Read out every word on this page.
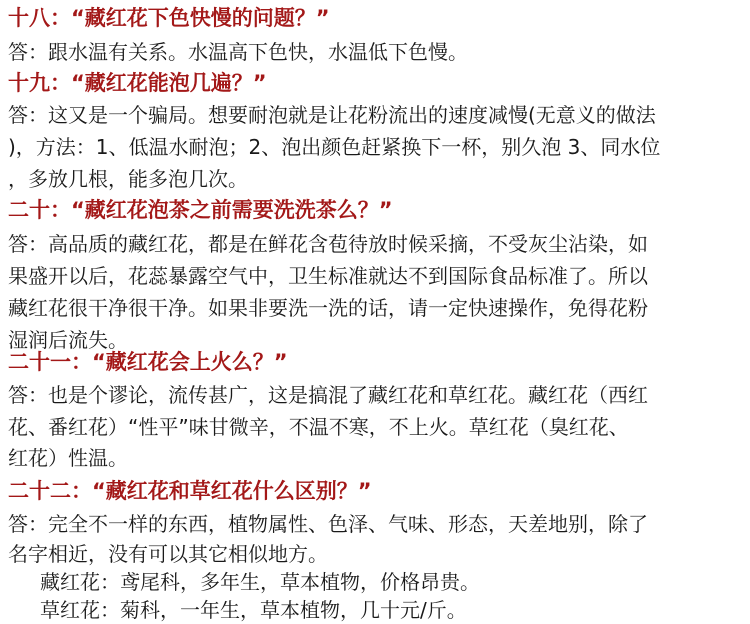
十八：“藏红花下色快慢的问题？”
答：跟水温有关系。水温高下色快，水温低下色慢。
十九：“藏红花能泡几遍？”
答：这又是一个骗局。想要耐泡就是让花粉流出的速度减慢(无意义的做法
)，方法：1、低温水耐泡；2、泡出颜色赶紧换下一杯，别久泡 3、同水位
，多放几根，能多泡几次。
二十：“藏红花泡茶之前需要洗洗茶么？”
答：高品质的藏红花，都是在鲜花含苞待放时候采摘，不受灰尘沾染，如
果盛开以后，花蕊暴露空气中，卫生标准就达不到国际食品标准了。所以
藏红花很干净很干净。如果非要洗一洗的话，请一定快速操作，免得花粉
湿润后流失。
二十一：“藏红花会上火么？”
答：也是个谬论，流传甚广，这是搞混了藏红花和草红花。藏红花（西红
花、番红花）“性平”味甘微辛，不温不寒，不上火。草红花（臭红花、
红花）性温。
二十二：“藏红花和草红花什么区别？”
答：完全不一样的东西，植物属性、色泽、气味、形态，天差地别，除了
名字相近，没有可以其它相似地方。
藏红花：鸢尾科，多年生，草本植物，价格昂贵。
草红花：菊科，一年生，草本植物，几十元/斤。
